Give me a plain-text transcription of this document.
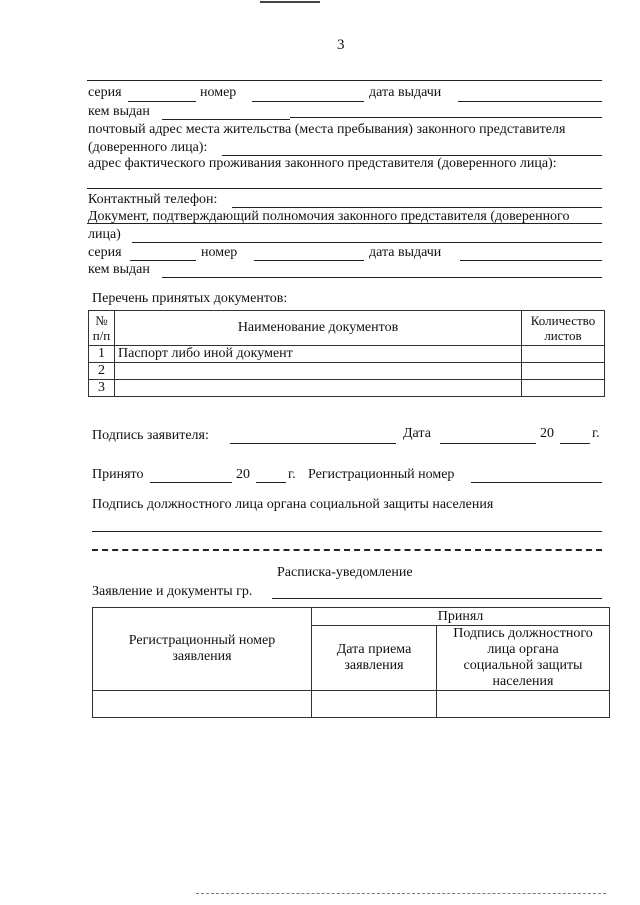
3
серия	номер	дата выдачи
кем выдан
почтовый адрес места жительства (места пребывания) законного представителя
(доверенного лица):
адрес фактического проживания законного представителя (доверенного лица):
Контактный телефон:
Документ, подтверждающий полномочия законного представителя (доверенного
лица)
серия	номер	дата выдачи
кем выдан
Перечень принятых документов:
№ п/п	Наименование документов	Количество листов
1	Паспорт либо иной документ	
2		
3		
Подпись заявителя:	Дата	20	г.
Принято	20	г. Регистрационный номер
Подпись должностного лица органа социальной защиты населения
Расписка-уведомление
Заявление и документы гр.
Регистрационный номер заявления	Принял	
	Дата приема заявления	Подпись должностного лица органа социальной защиты населения
